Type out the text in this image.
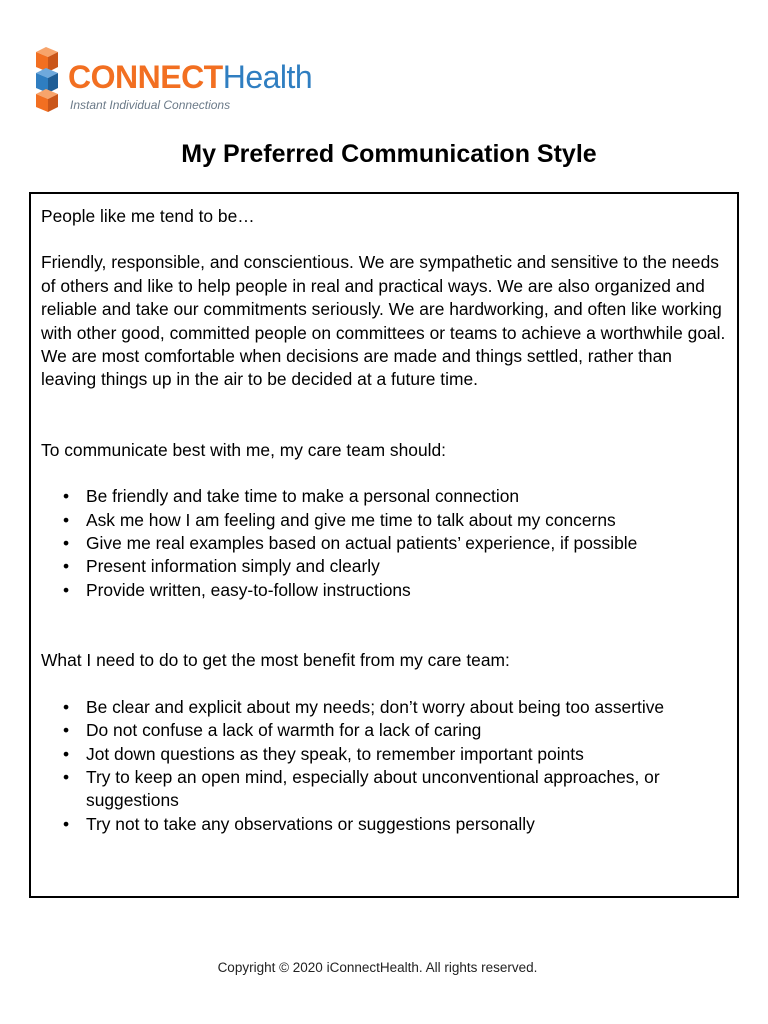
CONNECTHealth
Instant Individual Connections
My Preferred Communication Style

People like me tend to be…

Friendly, responsible, and conscientious. We are sympathetic and sensitive to the needs of others and like to help people in real and practical ways. We are also organized and reliable and take our commitments seriously. We are hardworking, and often like working with other good, committed people on committees or teams to achieve a worthwhile goal. We are most comfortable when decisions are made and things settled, rather than leaving things up in the air to be decided at a future time.

To communicate best with me, my care team should:

• Be friendly and take time to make a personal connection
• Ask me how I am feeling and give me time to talk about my concerns
• Give me real examples based on actual patients’ experience, if possible
• Present information simply and clearly
• Provide written, easy-to-follow instructions

What I need to do to get the most benefit from my care team:

• Be clear and explicit about my needs; don’t worry about being too assertive
• Do not confuse a lack of warmth for a lack of caring
• Jot down questions as they speak, to remember important points
• Try to keep an open mind, especially about unconventional approaches, or suggestions
• Try not to take any observations or suggestions personally
Copyright © 2020 iConnectHealth. All rights reserved.
